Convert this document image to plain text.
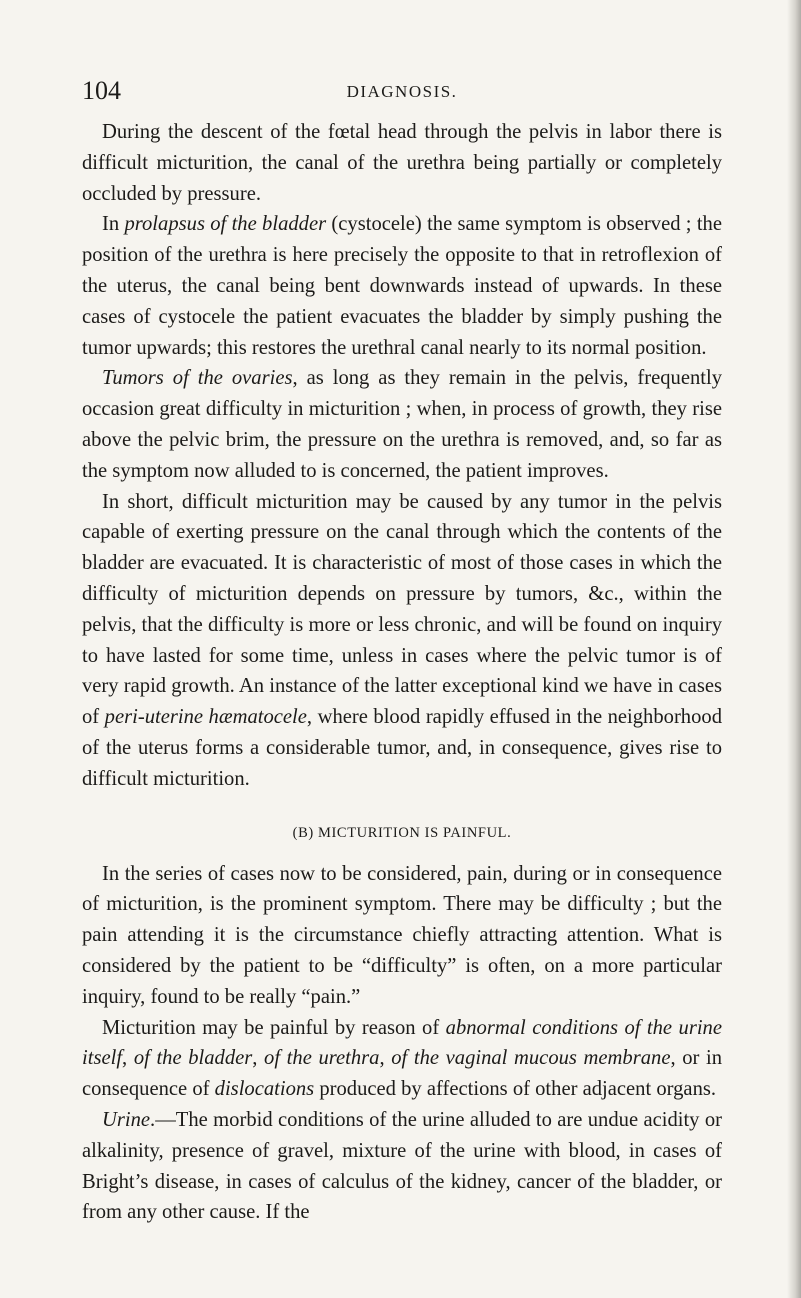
104	DIAGNOSIS.

During the descent of the fœtal head through the pelvis in labor there is difficult micturition, the canal of the urethra being partially or completely occluded by pressure.

In prolapsus of the bladder (cystocele) the same symptom is observed ; the position of the urethra is here precisely the opposite to that in retroflexion of the uterus, the canal being bent downwards instead of upwards. In these cases of cystocele the patient evacuates the bladder by simply pushing the tumor upwards; this restores the urethral canal nearly to its normal position.

Tumors of the ovaries, as long as they remain in the pelvis, frequently occasion great difficulty in micturition ; when, in process of growth, they rise above the pelvic brim, the pressure on the urethra is removed, and, so far as the symptom now alluded to is concerned, the patient improves.

In short, difficult micturition may be caused by any tumor in the pelvis capable of exerting pressure on the canal through which the contents of the bladder are evacuated. It is characteristic of most of those cases in which the difficulty of micturition depends on pressure by tumors, &c., within the pelvis, that the difficulty is more or less chronic, and will be found on inquiry to have lasted for some time, unless in cases where the pelvic tumor is of very rapid growth. An instance of the latter exceptional kind we have in cases of peri-uterine hæmatocele, where blood rapidly effused in the neighborhood of the uterus forms a considerable tumor, and, in consequence, gives rise to difficult micturition.

(B) MICTURITION IS PAINFUL.

In the series of cases now to be considered, pain, during or in consequence of micturition, is the prominent symptom. There may be difficulty ; but the pain attending it is the circumstance chiefly attracting attention. What is considered by the patient to be “difficulty” is often, on a more particular inquiry, found to be really “pain.”

Micturition may be painful by reason of abnormal conditions of the urine itself, of the bladder, of the urethra, of the vaginal mucous membrane, or in consequence of dislocations produced by affections of other adjacent organs.

Urine.—The morbid conditions of the urine alluded to are undue acidity or alkalinity, presence of gravel, mixture of the urine with blood, in cases of Bright’s disease, in cases of calculus of the kidney, cancer of the bladder, or from any other cause. If the
